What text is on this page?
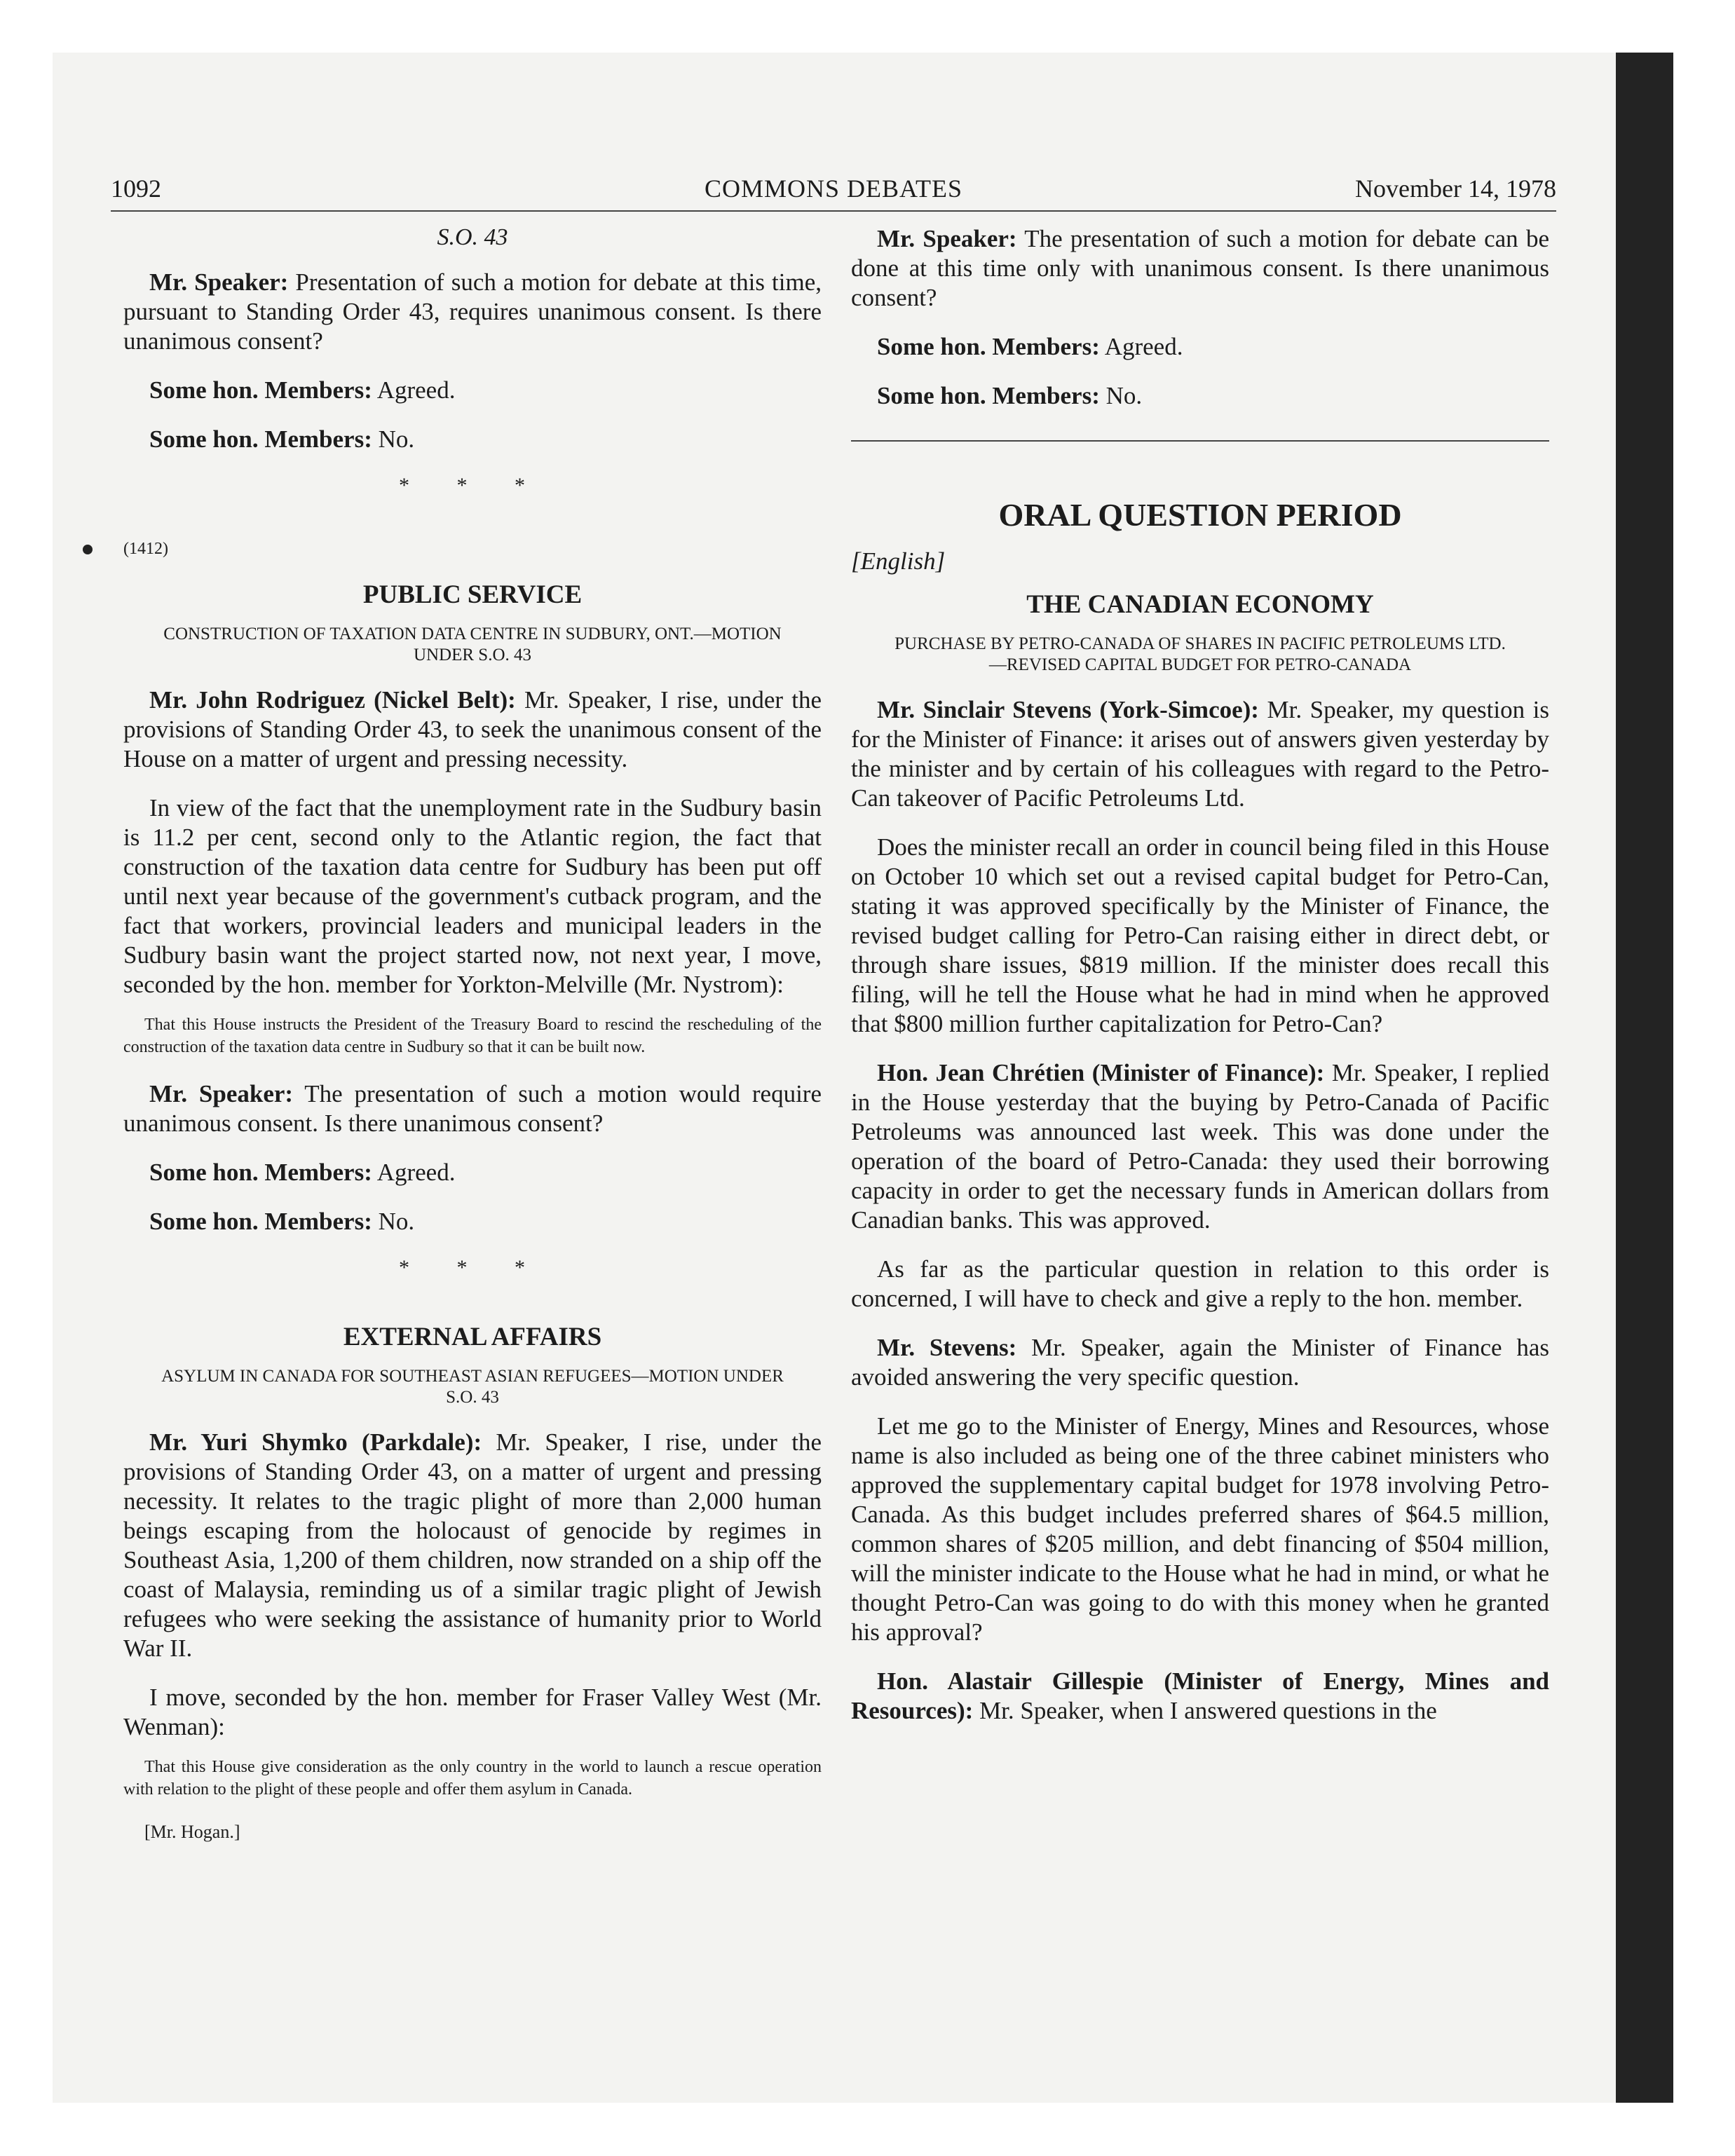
1092	COMMONS DEBATES	November 14, 1978

S.O. 43

Mr. Speaker: Presentation of such a motion for debate at this time, pursuant to Standing Order 43, requires unanimous consent. Is there unanimous consent?

Some hon. Members: Agreed.

Some hon. Members: No.

* * *

(1412)

PUBLIC SERVICE

CONSTRUCTION OF TAXATION DATA CENTRE IN SUDBURY, ONT.—MOTION UNDER S.O. 43

Mr. John Rodriguez (Nickel Belt): Mr. Speaker, I rise, under the provisions of Standing Order 43, to seek the unanimous consent of the House on a matter of urgent and pressing necessity.

In view of the fact that the unemployment rate in the Sudbury basin is 11.2 per cent, second only to the Atlantic region, the fact that construction of the taxation data centre for Sudbury has been put off until next year because of the government's cutback program, and the fact that workers, provincial leaders and municipal leaders in the Sudbury basin want the project started now, not next year, I move, seconded by the hon. member for Yorkton-Melville (Mr. Nystrom):

That this House instructs the President of the Treasury Board to rescind the rescheduling of the construction of the taxation data centre in Sudbury so that it can be built now.

Mr. Speaker: The presentation of such a motion would require unanimous consent. Is there unanimous consent?

Some hon. Members: Agreed.

Some hon. Members: No.

* * *

EXTERNAL AFFAIRS

ASYLUM IN CANADA FOR SOUTHEAST ASIAN REFUGEES—MOTION UNDER S.O. 43

Mr. Yuri Shymko (Parkdale): Mr. Speaker, I rise, under the provisions of Standing Order 43, on a matter of urgent and pressing necessity. It relates to the tragic plight of more than 2,000 human beings escaping from the holocaust of genocide by regimes in Southeast Asia, 1,200 of them children, now stranded on a ship off the coast of Malaysia, reminding us of a similar tragic plight of Jewish refugees who were seeking the assistance of humanity prior to World War II.

I move, seconded by the hon. member for Fraser Valley West (Mr. Wenman):

That this House give consideration as the only country in the world to launch a rescue operation with relation to the plight of these people and offer them asylum in Canada.

[Mr. Hogan.]

Mr. Speaker: The presentation of such a motion for debate can be done at this time only with unanimous consent. Is there unanimous consent?

Some hon. Members: Agreed.

Some hon. Members: No.

ORAL QUESTION PERIOD

[English]

THE CANADIAN ECONOMY

PURCHASE BY PETRO-CANADA OF SHARES IN PACIFIC PETROLEUMS LTD.—REVISED CAPITAL BUDGET FOR PETRO-CANADA

Mr. Sinclair Stevens (York-Simcoe): Mr. Speaker, my question is for the Minister of Finance: it arises out of answers given yesterday by the minister and by certain of his colleagues with regard to the Petro-Can takeover of Pacific Petroleums Ltd.

Does the minister recall an order in council being filed in this House on October 10 which set out a revised capital budget for Petro-Can, stating it was approved specifically by the Minister of Finance, the revised budget calling for Petro-Can raising either in direct debt, or through share issues, $819 million. If the minister does recall this filing, will he tell the House what he had in mind when he approved that $800 million further capitalization for Petro-Can?

Hon. Jean Chrétien (Minister of Finance): Mr. Speaker, I replied in the House yesterday that the buying by Petro-Canada of Pacific Petroleums was announced last week. This was done under the operation of the board of Petro-Canada: they used their borrowing capacity in order to get the necessary funds in American dollars from Canadian banks. This was approved.

As far as the particular question in relation to this order is concerned, I will have to check and give a reply to the hon. member.

Mr. Stevens: Mr. Speaker, again the Minister of Finance has avoided answering the very specific question.

Let me go to the Minister of Energy, Mines and Resources, whose name is also included as being one of the three cabinet ministers who approved the supplementary capital budget for 1978 involving Petro-Canada. As this budget includes preferred shares of $64.5 million, common shares of $205 million, and debt financing of $504 million, will the minister indicate to the House what he had in mind, or what he thought Petro-Can was going to do with this money when he granted his approval?

Hon. Alastair Gillespie (Minister of Energy, Mines and Resources): Mr. Speaker, when I answered questions in the
